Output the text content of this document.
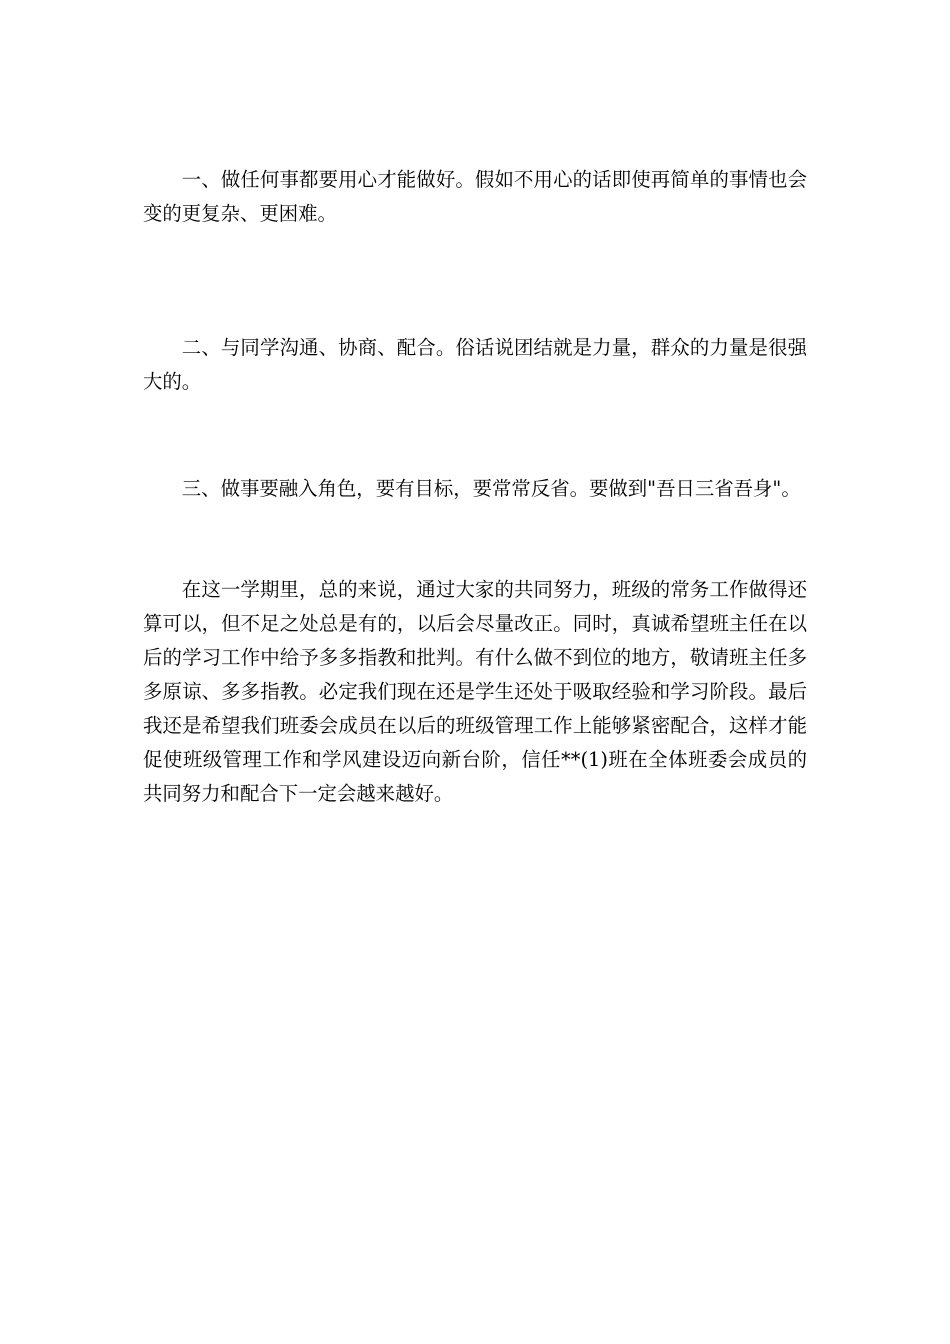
一、做任何事都要用心才能做好。假如不用心的话即使再简单的事情也会变的更复杂、更困难。

二、与同学沟通、协商、配合。俗话说团结就是力量，群众的力量是很强大的。

三、做事要融入角色，要有目标，要常常反省。要做到"吾日三省吾身"。

在这一学期里，总的来说，通过大家的共同努力，班级的常务工作做得还算可以，但不足之处总是有的，以后会尽量改正。同时，真诚希望班主任在以后的学习工作中给予多多指教和批判。有什么做不到位的地方，敬请班主任多多原谅、多多指教。必定我们现在还是学生还处于吸取经验和学习阶段。最后我还是希望我们班委会成员在以后的班级管理工作上能够紧密配合，这样才能促使班级管理工作和学风建设迈向新台阶，信任**(1)班在全体班委会成员的共同努力和配合下一定会越来越好。
